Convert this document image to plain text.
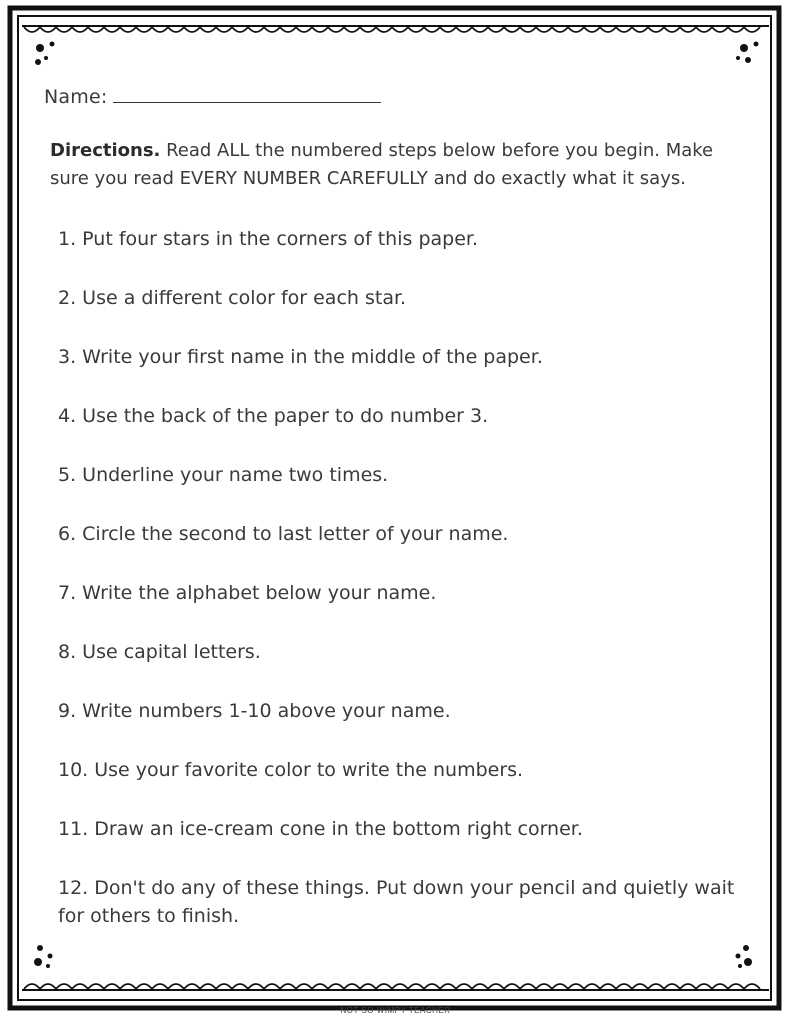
Name:
Directions. Read ALL the numbered steps below before you begin. Make sure you read EVERY NUMBER CAREFULLY and do exactly what it says.
1. Put four stars in the corners of this paper.
2. Use a different color for each star.
3. Write your first name in the middle of the paper.
4. Use the back of the paper to do number 3.
5. Underline your name two times.
6. Circle the second to last letter of your name.
7. Write the alphabet below your name.
8. Use capital letters.
9. Write numbers 1-10 above your name.
10. Use your favorite color to write the numbers.
11. Draw an ice-cream cone in the bottom right corner.
12. Don't do any of these things. Put down your pencil and quietly wait for others to finish.
NOT SO WIMPY TEACHER
